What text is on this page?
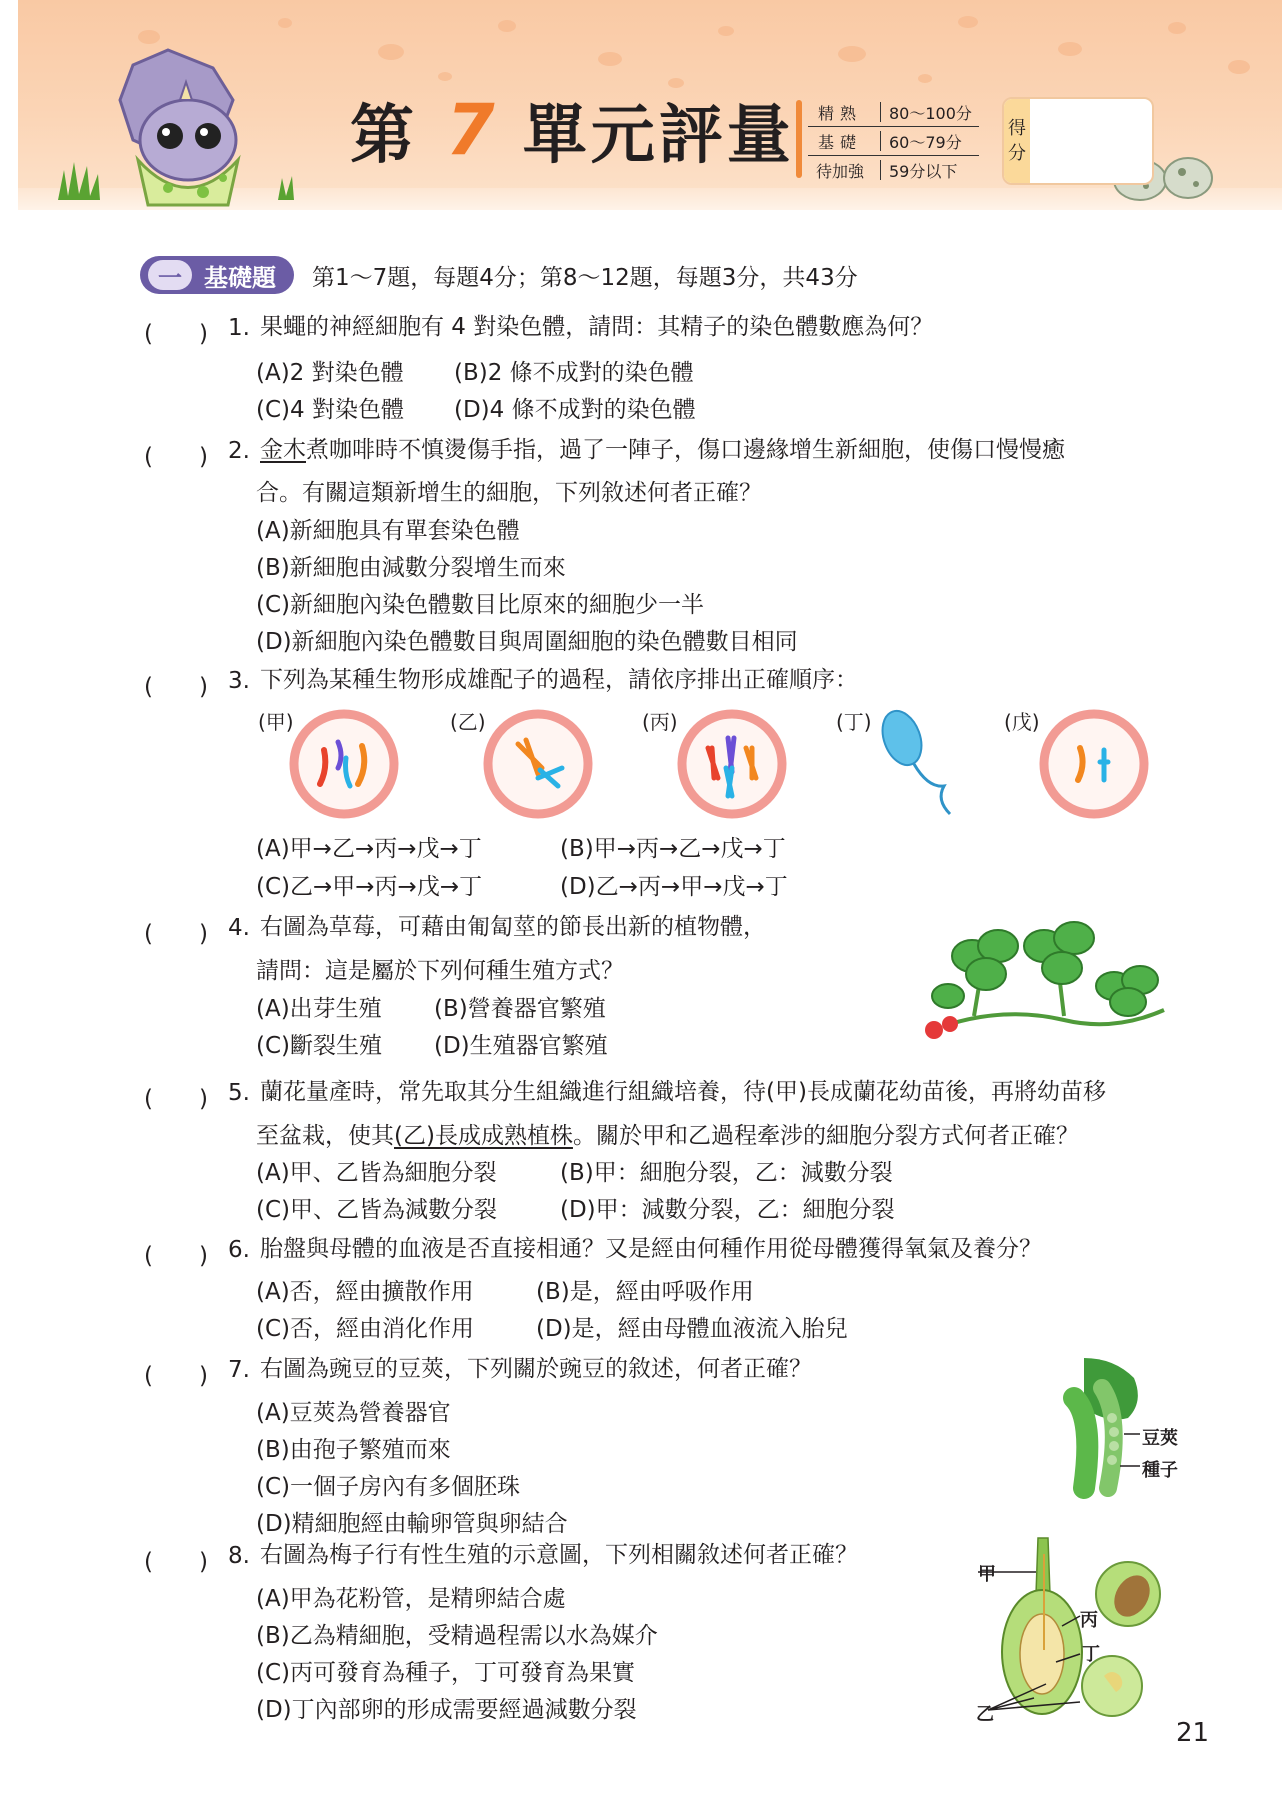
第 7 單元評量	精熟	80～100分
基礎	60～79分
待加強	59分以下
得
分
一 基礎題 第1～7題，每題4分；第8～12題，每題3分，共43分
(　　) 1. 果蠅的神經細胞有 4 對染色體，請問：其精子的染色體數應為何？
(A)2 對染色體 (B)2 條不成對的染色體
(C)4 對染色體 (D)4 條不成對的染色體
(　　) 2. 金木煮咖啡時不慎燙傷手指，過了一陣子，傷口邊緣增生新細胞，使傷口慢慢癒
合。有關這類新增生的細胞，下列敘述何者正確？
(A)新細胞具有單套染色體
(B)新細胞由減數分裂增生而來
(C)新細胞內染色體數目比原來的細胞少一半
(D)新細胞內染色體數目與周圍細胞的染色體數目相同
(　　) 3. 下列為某種生物形成雄配子的過程，請依序排出正確順序：
(甲)	(乙)	(丙)	(丁)	(戊)
(A)甲→乙→丙→戊→丁	(B)甲→丙→乙→戊→丁
(C)乙→甲→丙→戊→丁	(D)乙→丙→甲→戊→丁
(　　) 4. 右圖為草莓，可藉由匍匐莖的節長出新的植物體，
請問：這是屬於下列何種生殖方式？
(A)出芽生殖 (B)營養器官繁殖
(C)斷裂生殖 (D)生殖器官繁殖
(　　) 5. 蘭花量產時，常先取其分生組織進行組織培養，待(甲)長成蘭花幼苗後，再將幼苗移
至盆栽，使其(乙)長成成熟植株。關於甲和乙過程牽涉的細胞分裂方式何者正確？
(A)甲、乙皆為細胞分裂	(B)甲：細胞分裂，乙：減數分裂
(C)甲、乙皆為減數分裂	(D)甲：減數分裂，乙：細胞分裂
(　　) 6. 胎盤與母體的血液是否直接相通？又是經由何種作用從母體獲得氧氣及養分？
(A)否，經由擴散作用	(B)是，經由呼吸作用
(C)否，經由消化作用	(D)是，經由母體血液流入胎兒
(　　) 7. 右圖為豌豆的豆莢，下列關於豌豆的敘述，何者正確？
(A)豆莢為營養器官
(B)由孢子繁殖而來
(C)一個子房內有多個胚珠
(D)精細胞經由輸卵管與卵結合
豆莢
種子
(　　) 8. 右圖為梅子行有性生殖的示意圖，下列相關敘述何者正確？
(A)甲為花粉管，是精卵結合處
(B)乙為精細胞，受精過程需以水為媒介
(C)丙可發育為種子，丁可發育為果實
(D)丁內部卵的形成需要經過減數分裂
甲
丙
丁
乙
21
